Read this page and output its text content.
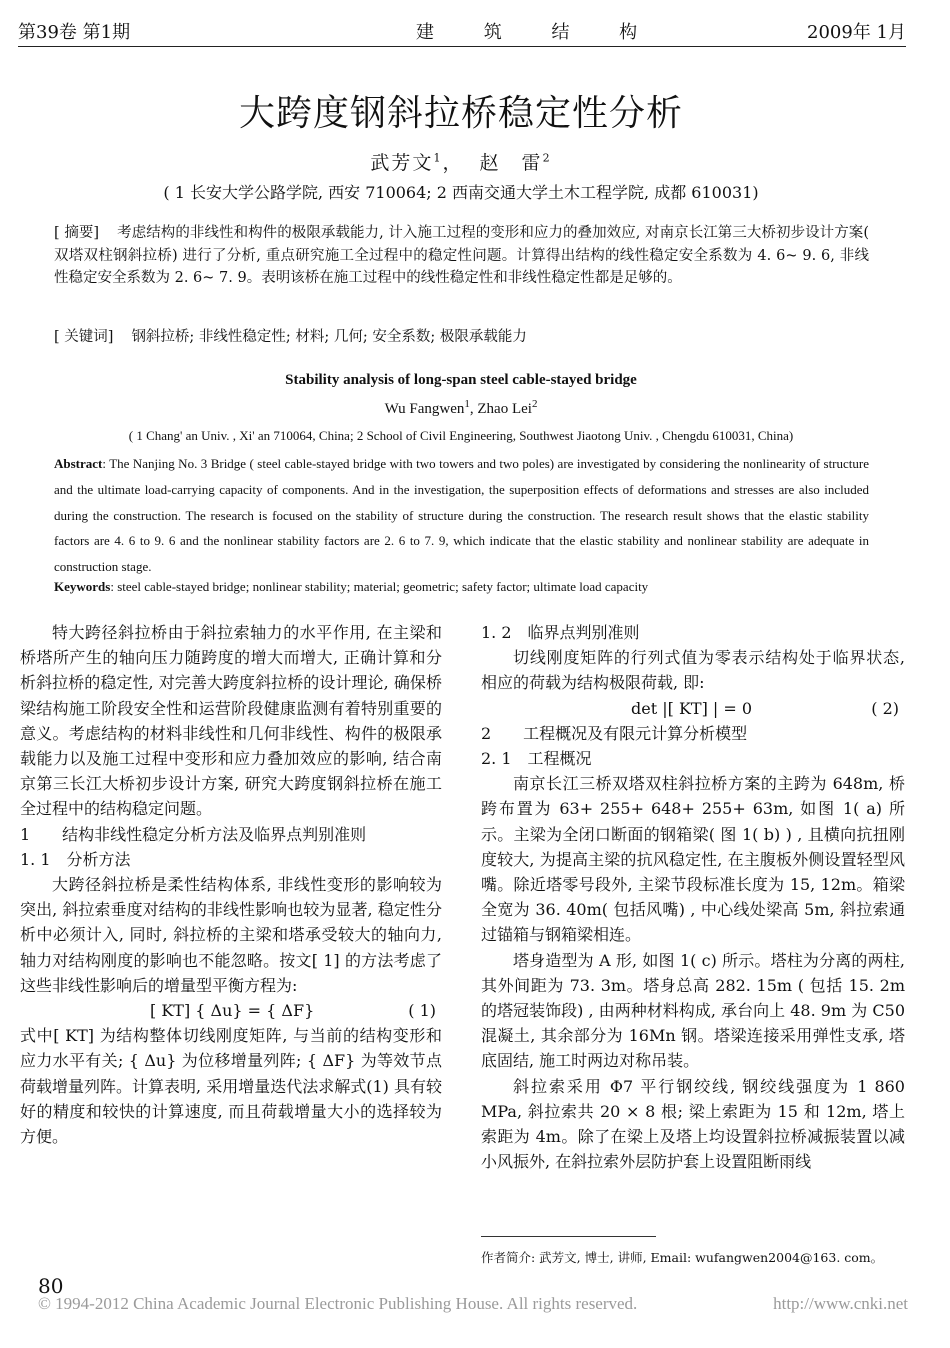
第39卷 第1期	建 筑 结 构	2009年 1月
大跨度钢斜拉桥稳定性分析
武芳文$^1$， 赵　雷$^2$
( 1 长安大学公路学院, 西安 710064; 2 西南交通大学土木工程学院, 成都 610031)
[ 摘要] 考虑结构的非线性和构件的极限承载能力, 计入施工过程的变形和应力的叠加效应, 对南京长江第三大桥初步设计方案( 双塔双柱钢斜拉桥) 进行了分析, 重点研究施工全过程中的稳定性问题。计算得出结构的线性稳定安全系数为 4. 6~ 9. 6, 非线性稳定安全系数为 2. 6~ 7. 9。表明该桥在施工过程中的线性稳定性和非线性稳定性都是足够的。
[ 关键词] 钢斜拉桥; 非线性稳定性; 材料; 几何; 安全系数; 极限承载能力
Stability analysis of long-span steel cable-stayed bridge
Wu Fangwen$^1$, Zhao Lei$^2$
( 1 Chang' an Univ. , Xi' an 710064, China; 2 School of Civil Engineering, Southwest Jiaotong Univ. , Chengdu 610031, China)
Abstract: The Nanjing No. 3 Bridge ( steel cable-stayed bridge with two towers and two poles) are investigated by considering the nonlinearity of structure and the ultimate load-carrying capacity of components. And in the investigation, the superposition effects of deformations and stresses are also included during the construction. The research is focused on the stability of structure during the construction. The research result shows that the elastic stability factors are 4. 6 to 9. 6 and the nonlinear stability factors are 2. 6 to 7. 9, which indicate that the elastic stability and nonlinear stability are adequate in construction stage.
Keywords: steel cable-stayed bridge; nonlinear stability; material; geometric; safety factor; ultimate load capacity

特大跨径斜拉桥由于斜拉索轴力的水平作用, 在主梁和桥塔所产生的轴向压力随跨度的增大而增大, 正确计算和分析斜拉桥的稳定性, 对完善大跨度斜拉桥的设计理论, 确保桥梁结构施工阶段安全性和运营阶段健康监测有着特别重要的意义。考虑结构的材料非线性和几何非线性、构件的极限承载能力以及施工过程中变形和应力叠加效应的影响, 结合南京第三长江大桥初步设计方案, 研究大跨度钢斜拉桥在施工全过程中的结构稳定问题。

1　　结构非线性稳定分析方法及临界点判别准则

1. 1　分析方法

大跨径斜拉桥是柔性结构体系, 非线性变形的影响较为突出, 斜拉索垂度对结构的非线性影响也较为显著, 稳定性分析中必须计入, 同时, 斜拉桥的主梁和塔承受较大的轴向力, 轴力对结构刚度的影响也不能忽略。按文[ 1] 的方法考虑了这些非线性影响后的增量型平衡方程为:

[ KT] { Δu} = { ΔF}	( 1)

式中[ KT] 为结构整体切线刚度矩阵, 与当前的结构变形和应力水平有关; { Δu} 为位移增量列阵; { ΔF} 为等效节点荷载增量列阵。计算表明, 采用增量迭代法求解式(1) 具有较好的精度和较快的计算速度, 而且荷载增量大小的选择较为方便。

1. 2　临界点判别准则

切线刚度矩阵的行列式值为零表示结构处于临界状态, 相应的荷载为结构极限荷载, 即:

det |[ KT] | = 0	( 2)

2　　工程概况及有限元计算分析模型

2. 1　工程概况

南京长江三桥双塔双柱斜拉桥方案的主跨为 648m, 桥跨布置为 63+ 255+ 648+ 255+ 63m, 如图 1( a) 所示。主梁为全闭口断面的钢箱梁( 图 1( b) ) , 且横向抗扭刚度较大, 为提高主梁的抗风稳定性, 在主腹板外侧设置轻型风嘴。除近塔零号段外, 主梁节段标准长度为 15, 12m。箱梁全宽为 36. 40m( 包括风嘴) , 中心线处梁高 5m, 斜拉索通过锚箱与钢箱梁相连。

塔身造型为 A 形, 如图 1( c) 所示。塔柱为分离的两柱, 其外间距为 73. 3m。塔身总高 282. 15m ( 包括 15. 2m 的塔冠装饰段) , 由两种材料构成, 承台向上 48. 9m 为 C50 混凝土, 其余部分为 16Mn 钢。塔梁连接采用弹性支承, 塔底固结, 施工时两边对称吊装。

斜拉索采用 Φ7 平行钢绞线, 钢绞线强度为 1 860 MPa, 斜拉索共 20 × 8 根; 梁上索距为 15 和 12m, 塔上索距为 4m。除了在梁上及塔上均设置斜拉桥减振装置以减小风振外, 在斜拉索外层防护套上设置阻断雨线

作者简介: 武芳文, 博士, 讲师, Email: wufangwen2004@163. com。
80
© 1994-2012 China Academic Journal Electronic Publishing House. All rights reserved.	http://www.cnki.net
